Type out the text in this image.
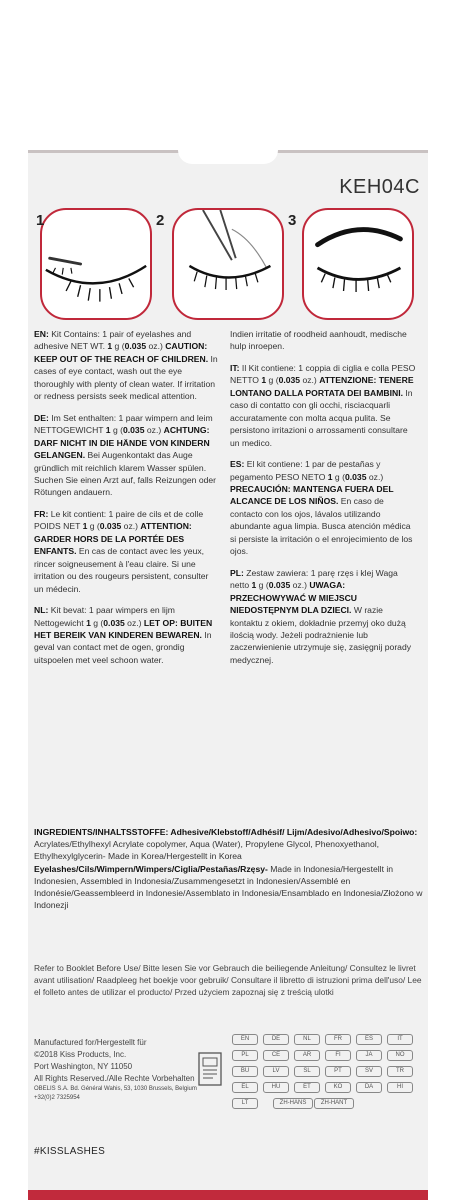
KEH04C
1	2	3

EN: Kit Contains: 1 pair of eyelashes and adhesive NET WT. 1 g (0.035 oz.) CAUTION: KEEP OUT OF THE REACH OF CHILDREN. In cases of eye contact, wash out the eye thoroughly with plenty of clean water. If irritation or redness persists seek medical attention.

DE: Im Set enthalten: 1 paar wimpern and leim NETTOGEWICHT 1 g (0.035 oz.) ACHTUNG: DARF NICHT IN DIE HÄNDE VON KINDERN GELANGEN. Bei Augenkontakt das Auge gründlich mit reichlich klarem Wasser spülen. Suchen Sie einen Arzt auf, falls Reizungen oder Rötungen andauern.

FR: Le kit contient: 1 paire de cils et de colle POIDS NET 1 g (0.035 oz.) ATTENTION: GARDER HORS DE LA PORTÉE DES ENFANTS. En cas de contact avec les yeux, rincer soigneusement à l'eau claire. Si une irritation ou des rougeurs persistent, consulter un médecin.

NL: Kit bevat: 1 paar wimpers en lijm Nettogewicht 1 g (0.035 oz.) LET OP: BUITEN HET BEREIK VAN KINDEREN BEWAREN. In geval van contact met de ogen, grondig uitspoelen met veel schoon water.

Indien irritatie of roodheid aanhoudt, medische hulp inroepen.

IT: Il Kit contiene: 1 coppia di ciglia e colla PESO NETTO 1 g (0.035 oz.) ATTENZIONE: TENERE LONTANO DALLA PORTATA DEI BAMBINI. In caso di contatto con gli occhi, risciacquarli accuratamente con molta acqua pulita. Se persistono irritazioni o arrossamenti consultare un medico.

ES: El kit contiene: 1 par de pestañas y pegamento PESO NETO 1 g (0.035 oz.) PRECAUCIÓN: MANTENGA FUERA DEL ALCANCE DE LOS NIÑOS. En caso de contacto con los ojos, lávalos utilizando abundante agua limpia. Busca atención médica si persiste la irritación o el enrojecimiento de los ojos.

PL: Zestaw zawiera: 1 parę rzęs i klej Waga netto 1 g (0.035 oz.) UWAGA: PRZECHOWYWAĆ W MIEJSCU NIEDOSTĘPNYM DLA DZIECI. W razie kontaktu z okiem, dokładnie przemyj oko dużą ilością wody. Jeżeli podrażnienie lub zaczerwienienie utrzymuje się, zasięgnij porady medycznej.

INGREDIENTS/INHALTSSTOFFE: Adhesive/Klebstoff/Adhésif/ Lijm/Adesivo/Adhesivo/Spoiwo: Acrylates/Ethylhexyl Acrylate copolymer, Aqua (Water), Propylene Glycol, Phenoxyethanol, Ethylhexylglycerin- Made in Korea/Hergestellt in Korea Eyelashes/Cils/Wimpern/Wimpers/Ciglia/Pestañas/Rzęsy- Made in Indonesia/Hergestellt in Indonesien, Assembled in Indonesia/Zusammengesetzt in Indonesien/Assemblé en Indonésie/Geassembleerd in Indonesie/Assemblato in Indonesia/Ensamblado en Indonesia/Złożono w Indonezji
Refer to Booklet Before Use/ Bitte lesen Sie vor Gebrauch die beiliegende Anleitung/ Consultez le livret avant utilisation/ Raadpleeg het boekje voor gebruik/ Consultare il libretto di istruzioni prima dell'uso/ Lee el folleto antes de utilizar el producto/ Przed użyciem zapoznaj się z treścią ulotki
Manufactured for/Hergestellt für
©2018 Kiss Products, Inc.
Port Washington, NY 11050
All Rights Reserved./Alle Rechte Vorbehalten
OBELIS S.A. Bd. Général Wahis, 53, 1030 Brussels, Belgium
+32(0)2 7325954
EN	DE	NL	FR	ES	IT
PL	CE	AR	FI	JA	NO
BU	LV	SL	PT	SV	TR
EL	HU	ET	KO	DA	HI
LT	ZH-HANS	ZH-HANT
#KISSLASHES
